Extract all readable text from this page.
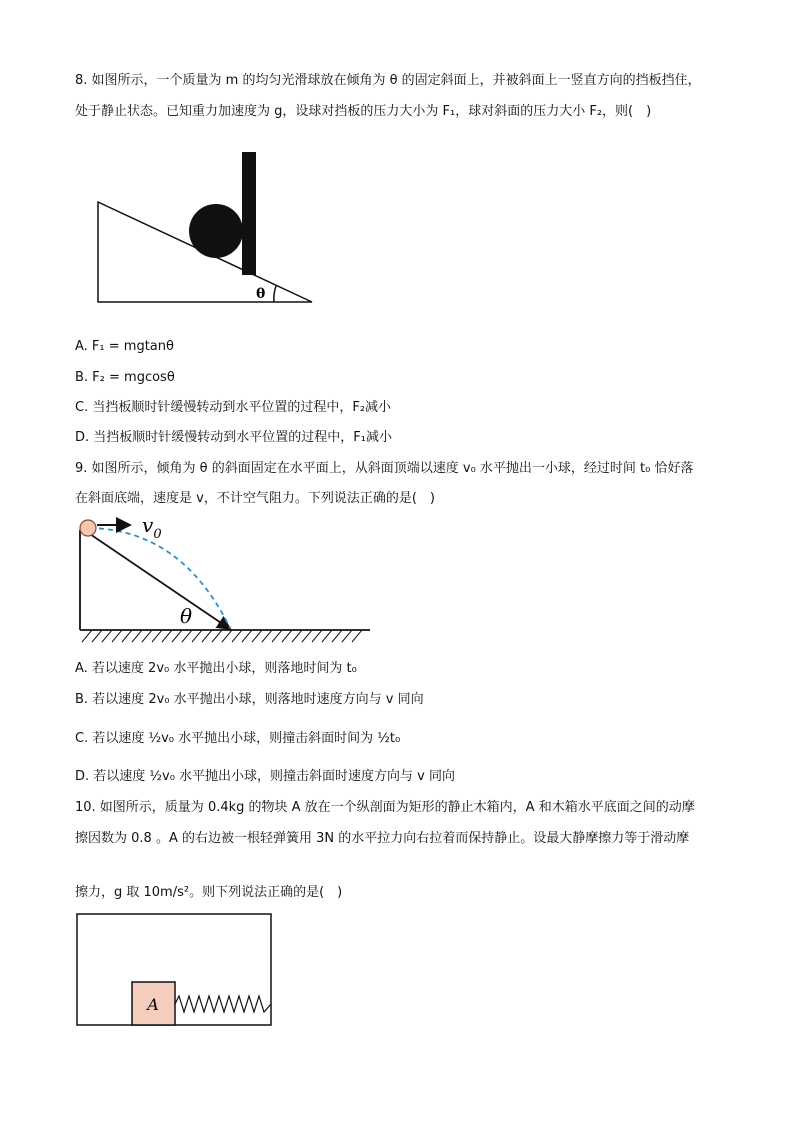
8. 如图所示，一个质量为 m 的均匀光滑球放在倾角为 θ 的固定斜面上，并被斜面上一竖直方向的挡板挡住，
处于静止状态。已知重力加速度为 g，设球对挡板的压力大小为 F₁，球对斜面的压力大小 F₂，则(　)
θ
A. F₁ = mgtanθ
B. F₂ = mgcosθ
C. 当挡板顺时针缓慢转动到水平位置的过程中，F₂减小
D. 当挡板顺时针缓慢转动到水平位置的过程中，F₁减小
9. 如图所示，倾角为 θ 的斜面固定在水平面上，从斜面顶端以速度 v₀ 水平抛出一小球，经过时间 t₀ 恰好落
在斜面底端，速度是 v，不计空气阻力。下列说法正确的是(　)
$v_0$
θ
A. 若以速度 2v₀ 水平抛出小球，则落地时间为 t₀
B. 若以速度 2v₀ 水平抛出小球，则落地时速度方向与 v 同向
C. 若以速度 ½v₀ 水平抛出小球，则撞击斜面时间为 ½t₀
D. 若以速度 ½v₀ 水平抛出小球，则撞击斜面时速度方向与 v 同向
10. 如图所示，质量为 0.4kg 的物块 A 放在一个纵剖面为矩形的静止木箱内，A 和木箱水平底面之间的动摩
擦因数为 0.8 。A 的右边被一根轻弹簧用 3N 的水平拉力向右拉着而保持静止。设最大静摩擦力等于滑动摩
擦力，g 取 10m/s²。则下列说法正确的是(　)
A
